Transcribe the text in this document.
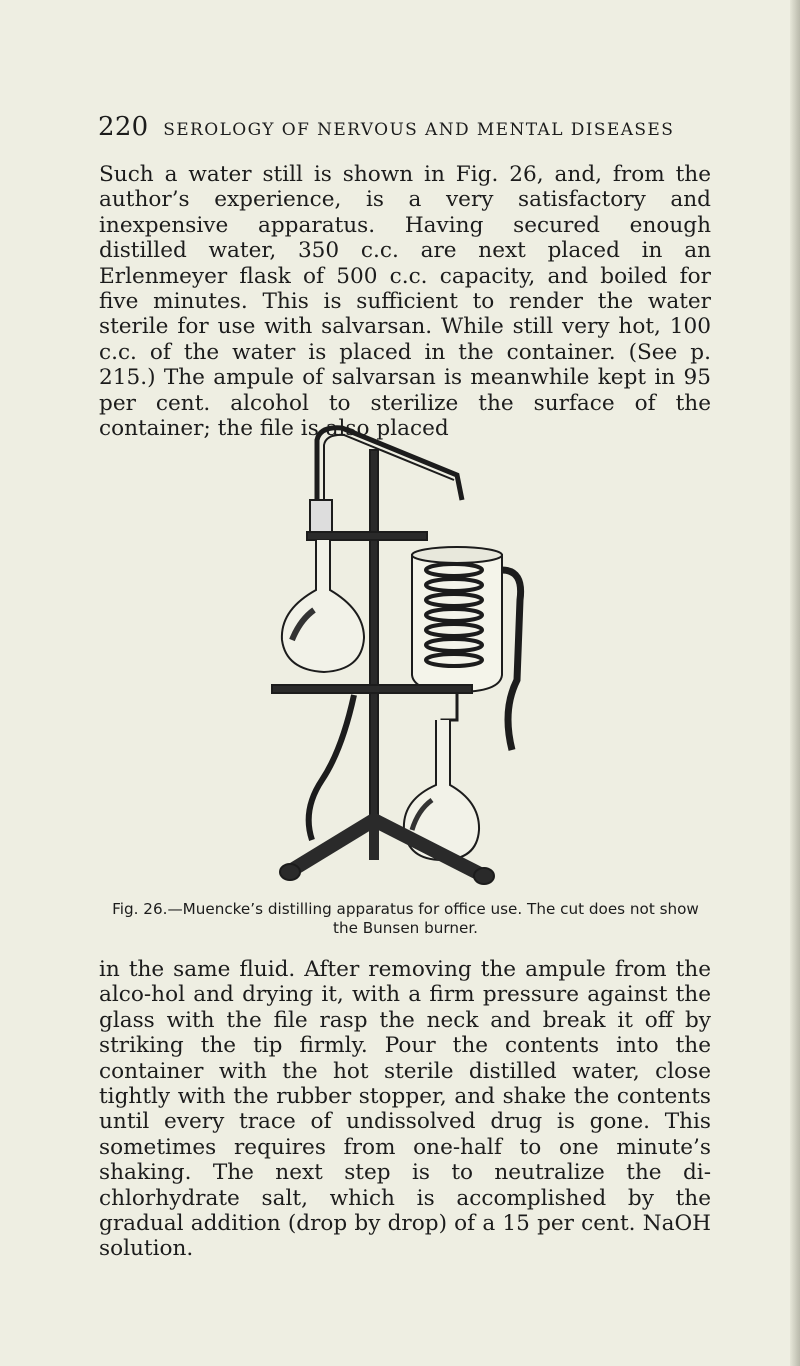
220 SEROLOGY OF NERVOUS AND MENTAL DISEASES

Such a water still is shown in Fig. 26, and, from the author’s experience, is a very satisfactory and inexpensive apparatus. Having secured enough distilled water, 350 c.c. are next placed in an Erlenmeyer flask of 500 c.c. capacity, and boiled for five minutes. This is sufficient to render the water sterile for use with salvarsan. While still very hot, 100 c.c. of the water is placed in the container. (See p. 215.) The ampule of salvarsan is meanwhile kept in 95 per cent. alcohol to sterilize the surface of the container; the file is also placed

Fig. 26.—Muencke’s distilling apparatus for office use. The cut does not show the Bunsen burner.

in the same fluid. After removing the ampule from the alco-hol and drying it, with a firm pressure against the glass with the file rasp the neck and break it off by striking the tip firmly. Pour the contents into the container with the hot sterile distilled water, close tightly with the rubber stopper, and shake the contents until every trace of undissolved drug is gone. This sometimes requires from one-half to one minute’s shaking. The next step is to neutralize the di-chlorhydrate salt, which is accomplished by the gradual addition (drop by drop) of a 15 per cent. NaOH solution.
